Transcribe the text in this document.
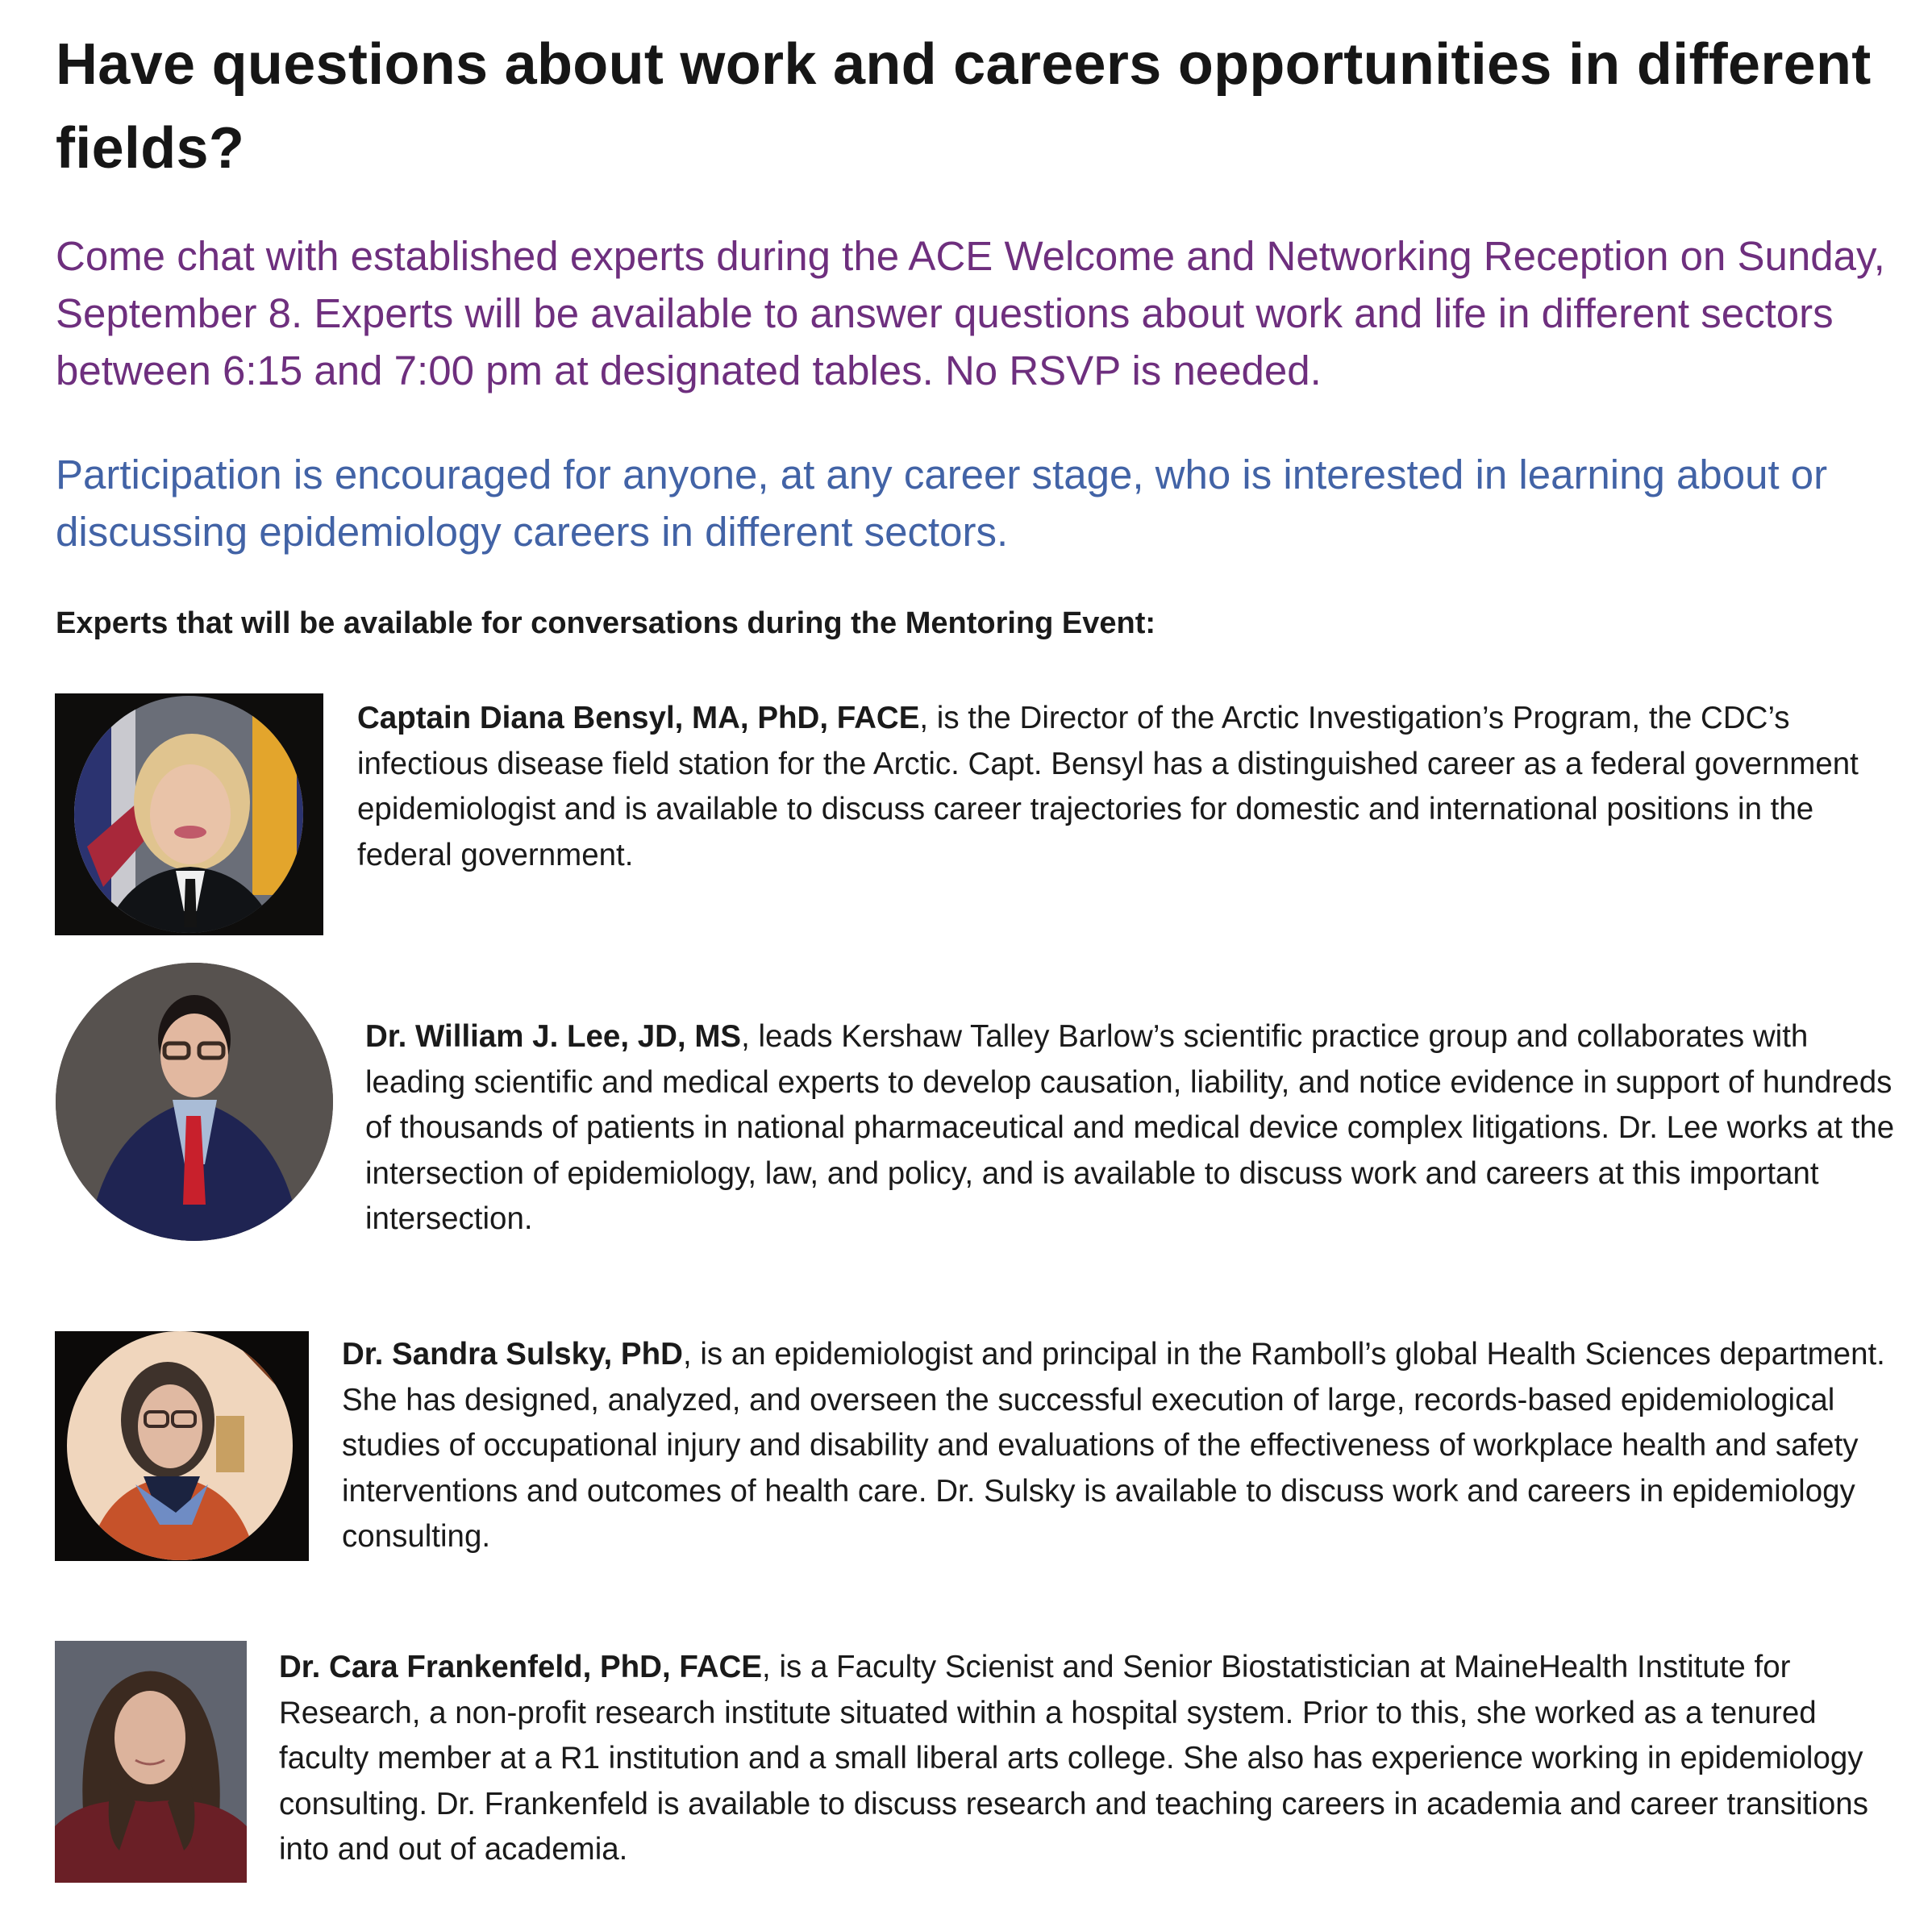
Have questions about work and careers opportunities in different fields?

Come chat with established experts during the ACE Welcome and Networking Reception on Sunday, September 8. Experts will be available to answer questions about work and life in different sectors between 6:15 and 7:00 pm at designated tables. No RSVP is needed.

Participation is encouraged for anyone, at any career stage, who is interested in learning about or discussing epidemiology careers in different sectors.

Experts that will be available for conversations during the Mentoring Event:

Captain Diana Bensyl, MA, PhD, FACE, is the Director of the Arctic Investigation’s Program, the CDC’s infectious disease field station for the Arctic. Capt. Bensyl has a distinguished career as a federal government epidemiologist and is available to discuss career trajectories for domestic and international positions in the federal government.

Dr. William J. Lee, JD, MS, leads Kershaw Talley Barlow’s scientific practice group and collaborates with leading scientific and medical experts to develop causation, liability, and notice evidence in support of hundreds of thousands of patients in national pharmaceutical and medical device complex litigations. Dr. Lee works at the intersection of epidemiology, law, and policy, and is available to discuss work and careers at this important intersection.

Dr. Sandra Sulsky, PhD, is an epidemiologist and principal in the Ramboll’s global Health Sciences department. She has designed, analyzed, and overseen the successful execution of large, records-based epidemiological studies of occupational injury and disability and evaluations of the effectiveness of workplace health and safety interventions and outcomes of health care. Dr. Sulsky is available to discuss work and careers in epidemiology consulting.

Dr. Cara Frankenfeld, PhD, FACE, is a Faculty Scienist and Senior Biostatistician at MaineHealth Institute for Research, a non-profit research institute situated within a hospital system. Prior to this, she worked as a tenured faculty member at a R1 institution and a small liberal arts college. She also has experience working in epidemiology consulting. Dr. Frankenfeld is available to discuss research and teaching careers in academia and career transitions into and out of academia.
